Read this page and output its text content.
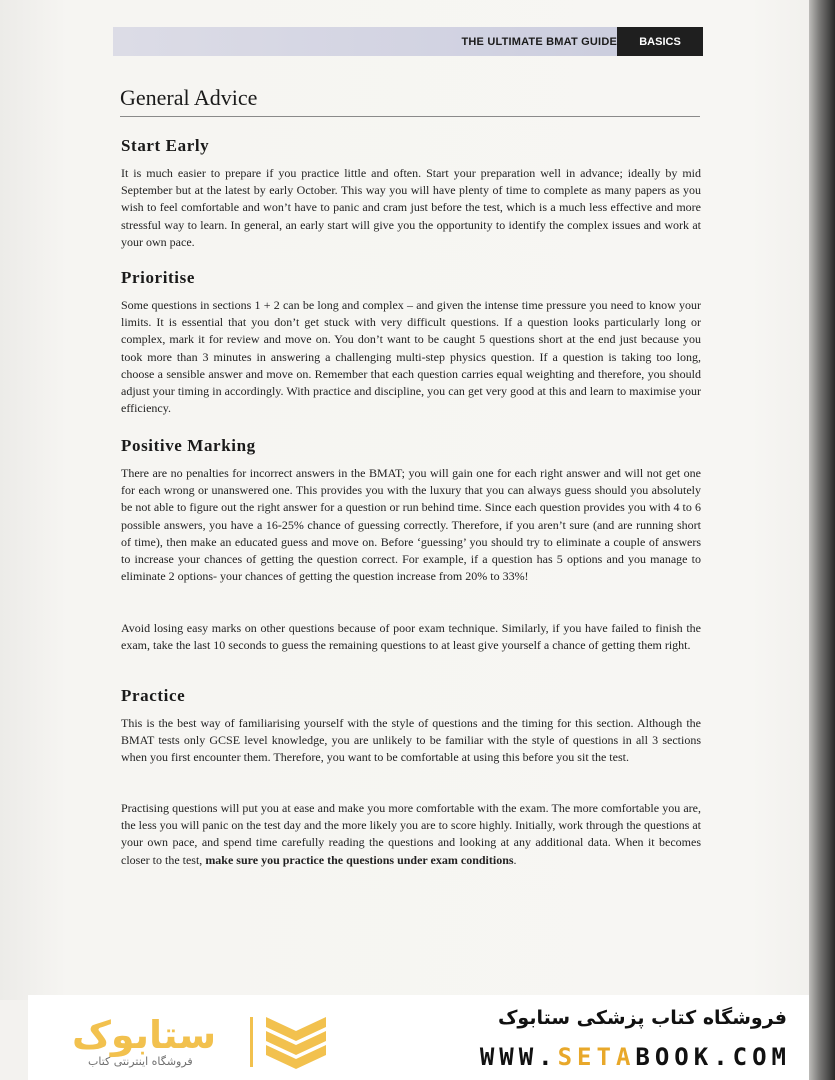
THE ULTIMATE BMAT GUIDE	BASICS
General Advice
Start Early

It is much easier to prepare if you practice little and often. Start your preparation well in advance; ideally by mid September but at the latest by early October. This way you will have plenty of time to complete as many papers as you wish to feel comfortable and won’t have to panic and cram just before the test, which is a much less effective and more stressful way to learn. In general, an early start will give you the opportunity to identify the complex issues and work at your own pace.

Prioritise

Some questions in sections 1 + 2 can be long and complex – and given the intense time pressure you need to know your limits. It is essential that you don’t get stuck with very difficult questions. If a question looks particularly long or complex, mark it for review and move on. You don’t want to be caught 5 questions short at the end just because you took more than 3 minutes in answering a challenging multi-step physics question. If a question is taking too long, choose a sensible answer and move on. Remember that each question carries equal weighting and therefore, you should adjust your timing in accordingly. With practice and discipline, you can get very good at this and learn to maximise your efficiency.

Positive Marking

There are no penalties for incorrect answers in the BMAT; you will gain one for each right answer and will not get one for each wrong or unanswered one. This provides you with the luxury that you can always guess should you absolutely be not able to figure out the right answer for a question or run behind time. Since each question provides you with 4 to 6 possible answers, you have a 16-25% chance of guessing correctly. Therefore, if you aren’t sure (and are running short of time), then make an educated guess and move on. Before ‘guessing’ you should try to eliminate a couple of answers to increase your chances of getting the question correct. For example, if a question has 5 options and you manage to eliminate 2 options- your chances of getting the question increase from 20% to 33%!

Avoid losing easy marks on other questions because of poor exam technique. Similarly, if you have failed to finish the exam, take the last 10 seconds to guess the remaining questions to at least give yourself a chance of getting them right.

Practice

This is the best way of familiarising yourself with the style of questions and the timing for this section. Although the BMAT tests only GCSE level knowledge, you are unlikely to be familiar with the style of questions in all 3 sections when you first encounter them. Therefore, you want to be comfortable at using this before you sit the test.

Practising questions will put you at ease and make you more comfortable with the exam. The more comfortable you are, the less you will panic on the test day and the more likely you are to score highly. Initially, work through the questions at your own pace, and spend time carefully reading the questions and looking at any additional data. When it becomes closer to the test, make sure you practice the questions under exam conditions.

ستابوک
فروشگاه اینترنتی کتاب
فروشگاه کتاب پزشکی ستابوک
WWW.SETABOOK.COM
